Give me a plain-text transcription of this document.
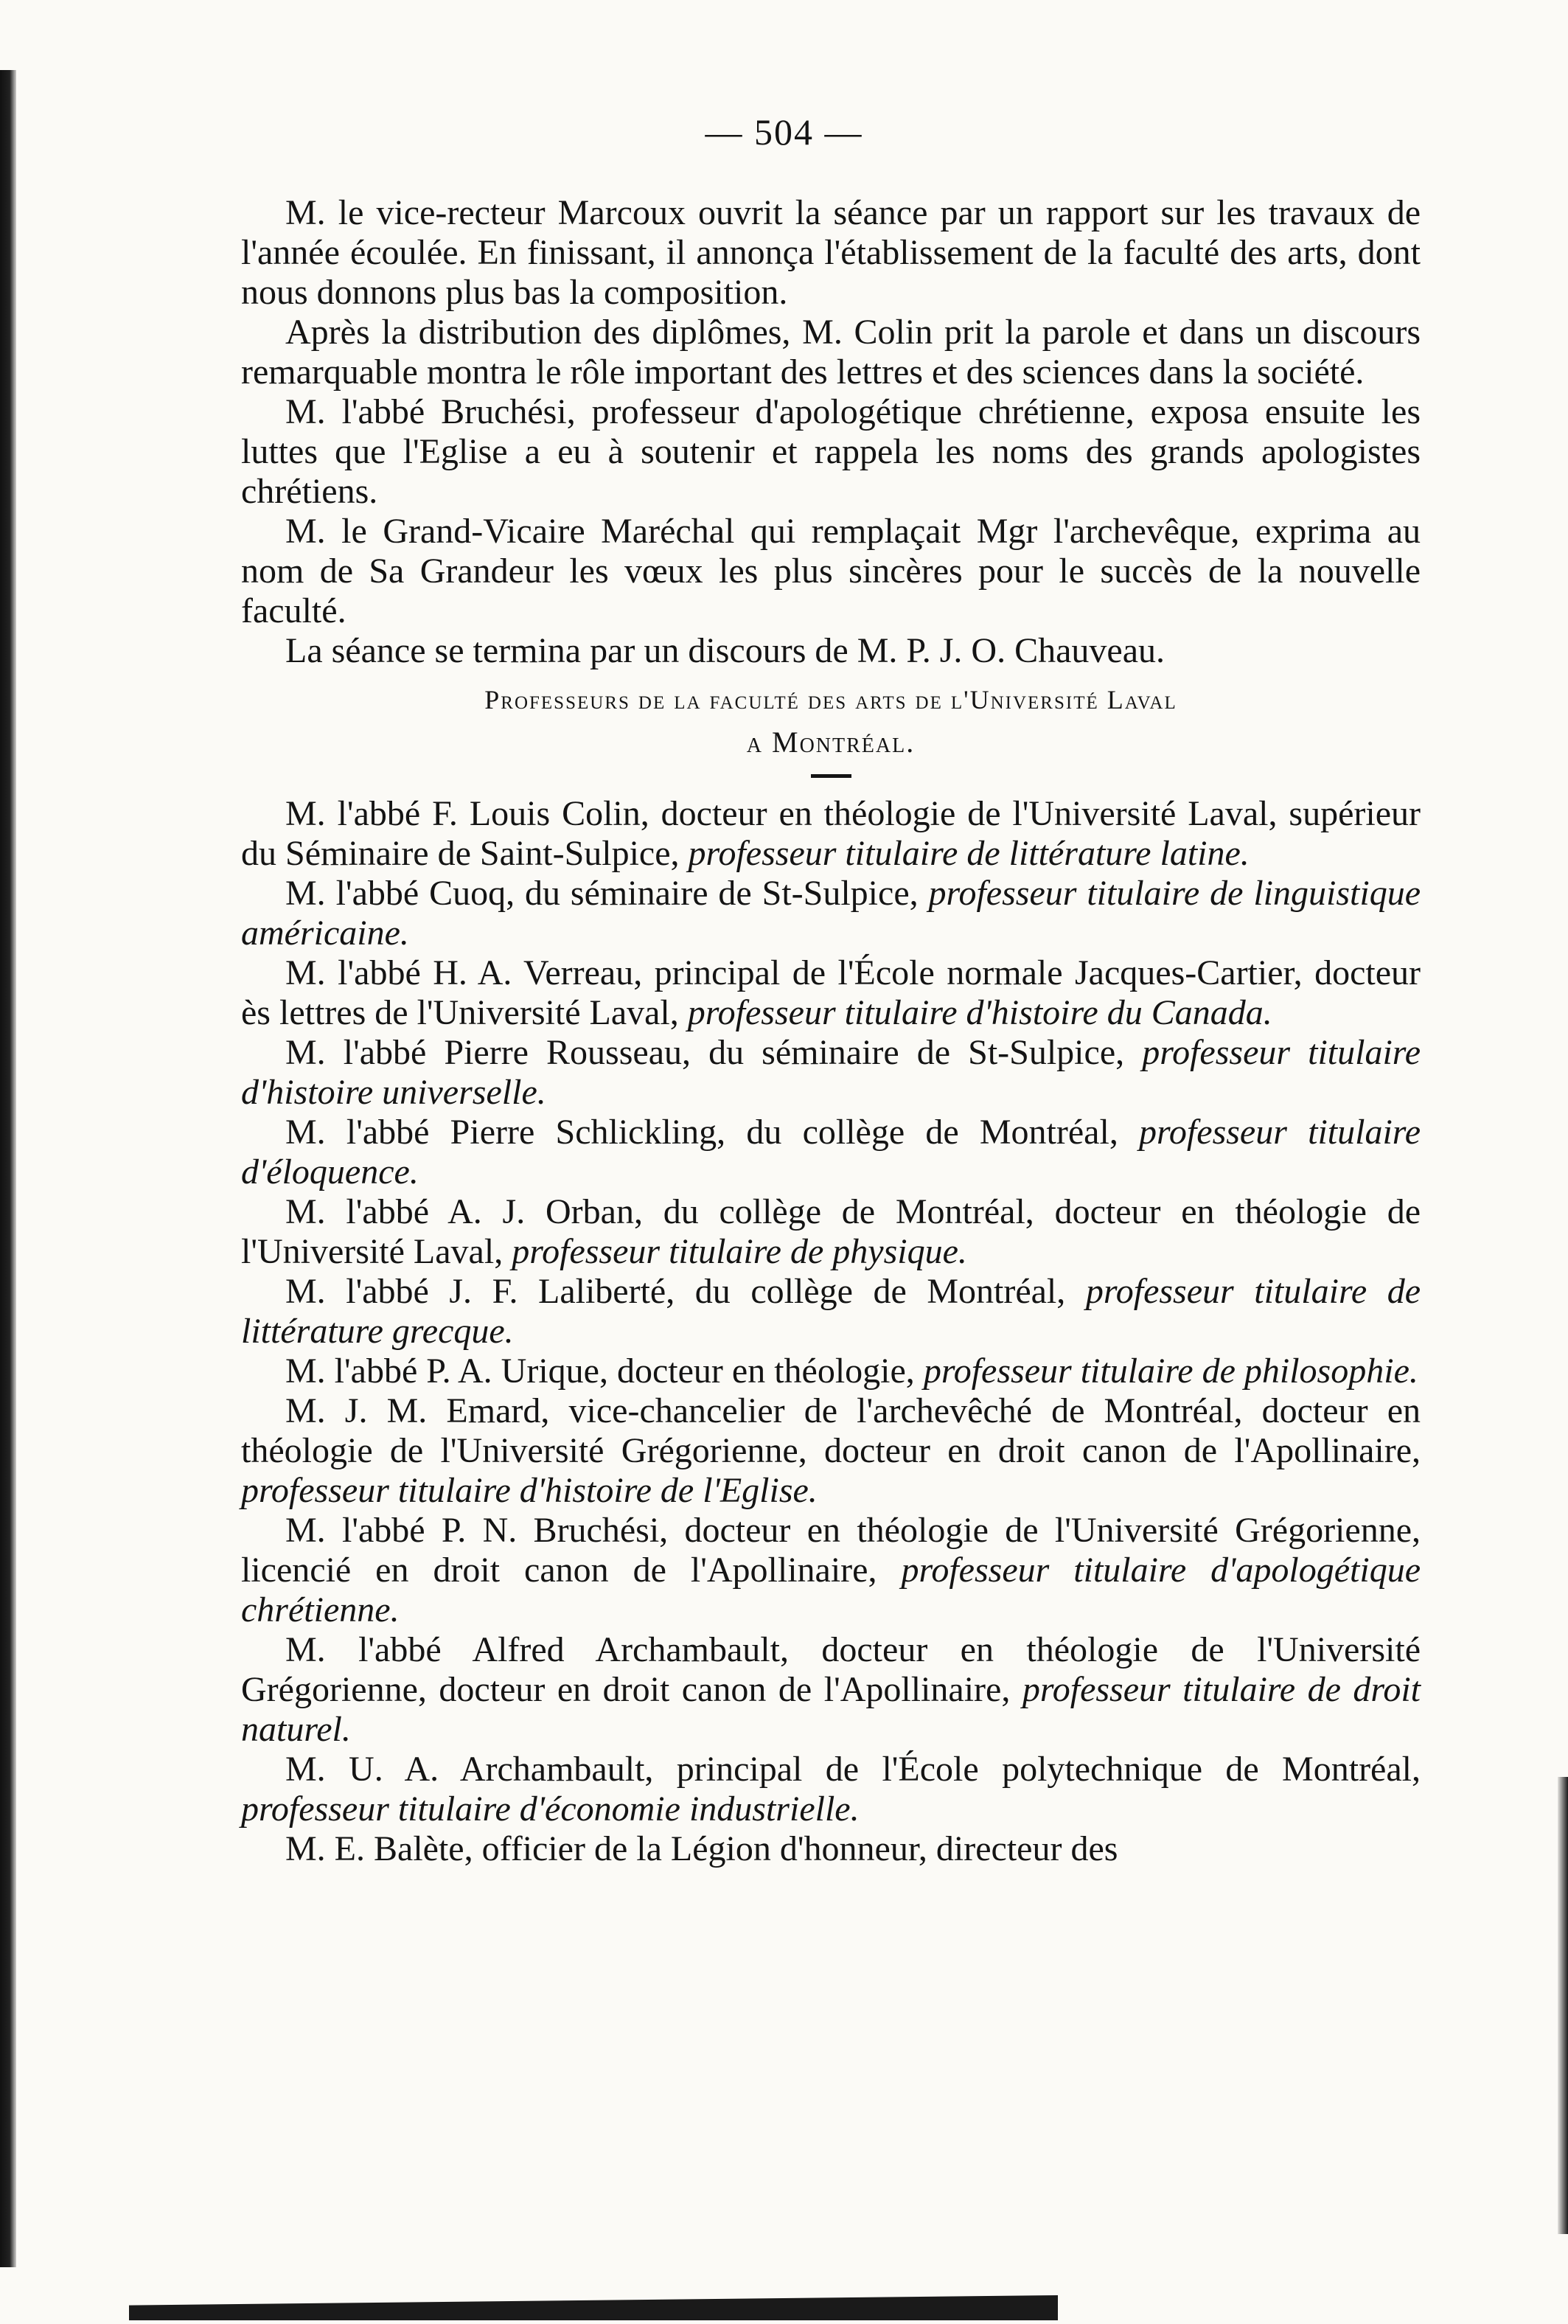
— 504 —

M. le vice-recteur Marcoux ouvrit la séance par un rapport sur les travaux de l'année écoulée. En finissant, il annonça l'établissement de la faculté des arts, dont nous donnons plus bas la composition.

Après la distribution des diplômes, M. Colin prit la parole et dans un discours remarquable montra le rôle important des lettres et des sciences dans la société.

M. l'abbé Bruchési, professeur d'apologétique chrétienne, exposa ensuite les luttes que l'Eglise a eu à soutenir et rappela les noms des grands apologistes chrétiens.

M. le Grand-Vicaire Maréchal qui remplaçait Mgr l'archevêque, exprima au nom de Sa Grandeur les vœux les plus sincères pour le succès de la nouvelle faculté.

La séance se termina par un discours de M. P. J. O. Chauveau.

Professeurs de la faculté des arts de l'Université Laval
a Montréal.

M. l'abbé F. Louis Colin, docteur en théologie de l'Université Laval, supérieur du Séminaire de Saint-Sulpice, professeur titulaire de littérature latine.

M. l'abbé Cuoq, du séminaire de St-Sulpice, professeur titulaire de linguistique américaine.

M. l'abbé H. A. Verreau, principal de l'École normale Jacques-Cartier, docteur ès lettres de l'Université Laval, professeur titulaire d'histoire du Canada.

M. l'abbé Pierre Rousseau, du séminaire de St-Sulpice, professeur titulaire d'histoire universelle.

M. l'abbé Pierre Schlickling, du collège de Montréal, professeur titulaire d'éloquence.

M. l'abbé A. J. Orban, du collège de Montréal, docteur en théologie de l'Université Laval, professeur titulaire de physique.

M. l'abbé J. F. Laliberté, du collège de Montréal, professeur titulaire de littérature grecque.

M. l'abbé P. A. Urique, docteur en théologie, professeur titulaire de philosophie.

M. J. M. Emard, vice-chancelier de l'archevêché de Montréal, docteur en théologie de l'Université Grégorienne, docteur en droit canon de l'Apollinaire, professeur titulaire d'histoire de l'Eglise.

M. l'abbé P. N. Bruchési, docteur en théologie de l'Université Grégorienne, licencié en droit canon de l'Apollinaire, professeur titulaire d'apologétique chrétienne.

M. l'abbé Alfred Archambault, docteur en théologie de l'Université Grégorienne, docteur en droit canon de l'Apollinaire, professeur titulaire de droit naturel.

M. U. A. Archambault, principal de l'École polytechnique de Montréal, professeur titulaire d'économie industrielle.

M. E. Balète, officier de la Légion d'honneur, directeur des
